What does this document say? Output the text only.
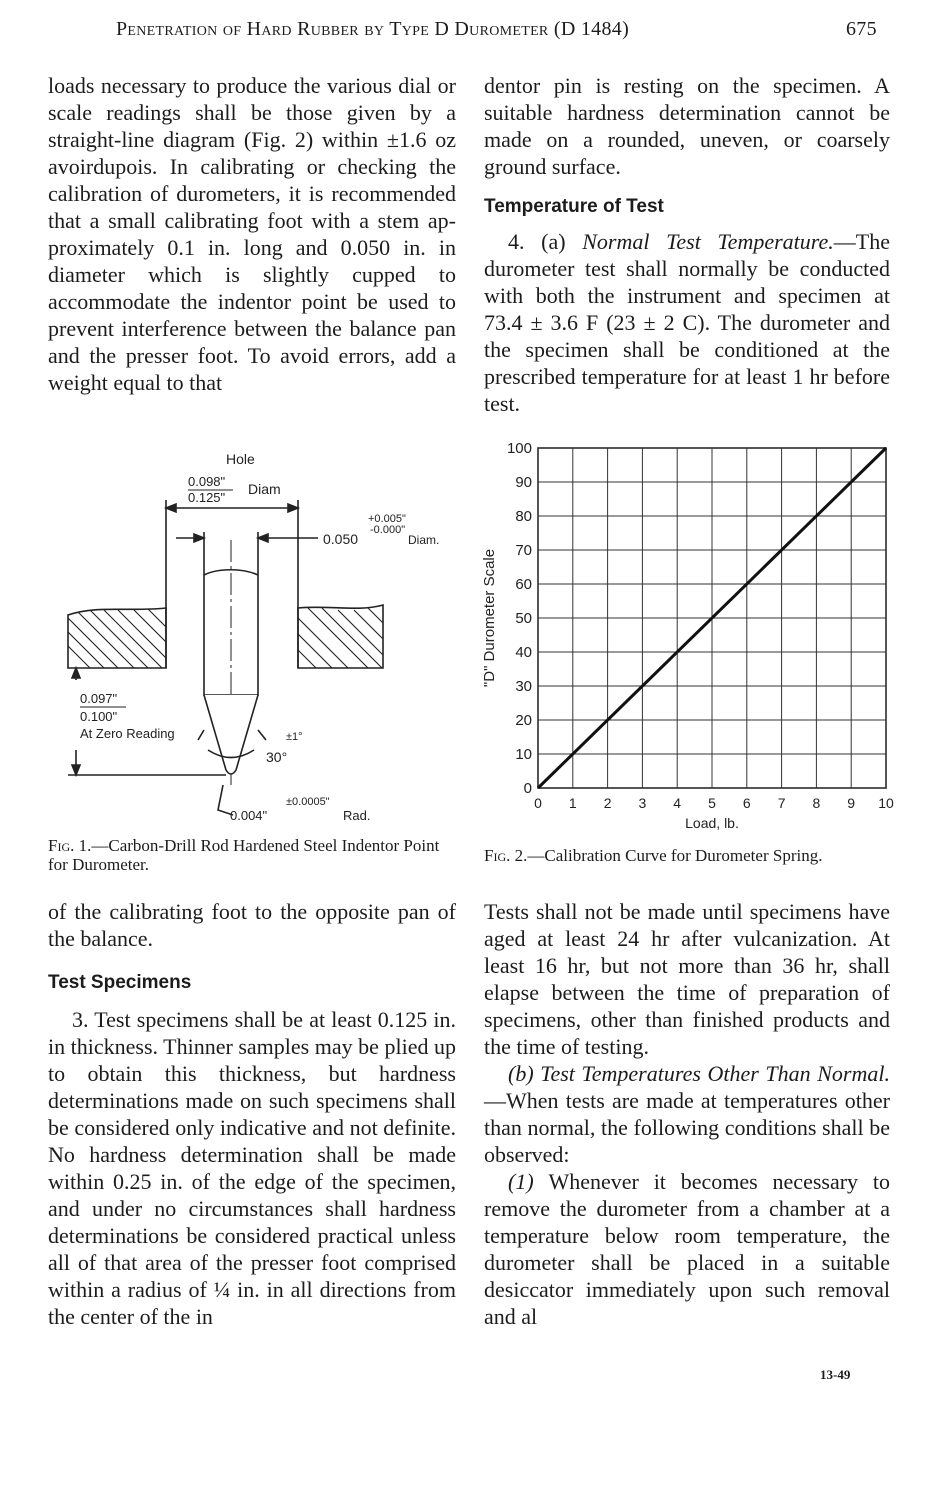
Penetration of Hard Rubber by Type D Durometer (D 1484)	675

loads necessary to produce the various dial or scale readings shall be those given by a straight-line diagram (Fig. 2) within ±1.6 oz avoirdupois. In calibrating or checking the calibration of durometers, it is recommended that a small calibrating foot with a stem approximately 0.1 in. long and 0.050 in. in diameter which is slightly cupped to accommodate the indentor point be used to prevent interference between the balance pan and the presser foot. To avoid errors, add a weight equal to that

dentor pin is resting on the specimen. A suitable hardness determination cannot be made on a rounded, uneven, or coarsely ground surface.

Temperature of Test

4. (a) Normal Test Temperature.—The durometer test shall normally be conducted with both the instrument and specimen at 73.4 ± 3.6 F (23 ± 2 C). The durometer and the specimen shall be conditioned at the prescribed temperature for at least 1 hr before test.

Hole
0.098"
0.125"
Diam
+0.005"
-0.000"
0.050	Diam.
0.097"
0.100"
At Zero Reading
30°
±1°
±0.0005"
0.004"	Rad.

Fig. 1.—Carbon-Drill Rod Hardened Steel Indentor Point for Durometer.

0 1 2 3 4 5 6 7 8 9 10
0
10
20
30
40
50
60
70
80
90
100
Load, lb.
"D" Durometer Scale

Fig. 2.—Calibration Curve for Durometer Spring.

of the calibrating foot to the opposite pan of the balance.

Test Specimens

3. Test specimens shall be at least 0.125 in. in thickness. Thinner samples may be plied up to obtain this thickness, but hardness determinations made on such specimens shall be considered only indicative and not definite. No hardness determination shall be made within 0.25 in. of the edge of the specimen, and under no circumstances shall hardness determinations be considered practical unless all of that area of the presser foot comprised within a radius of ¼ in. in all directions from the center of the in

Tests shall not be made until specimens have aged at least 24 hr after vulcanization. At least 16 hr, but not more than 36 hr, shall elapse between the time of preparation of specimens, other than finished products and the time of testing.

(b) Test Temperatures Other Than Normal.—When tests are made at temperatures other than normal, the following conditions shall be observed:

(1) Whenever it becomes necessary to remove the durometer from a chamber at a temperature below room temperature, the durometer shall be placed in a suitable desiccator immediately upon such removal and al

13-49
